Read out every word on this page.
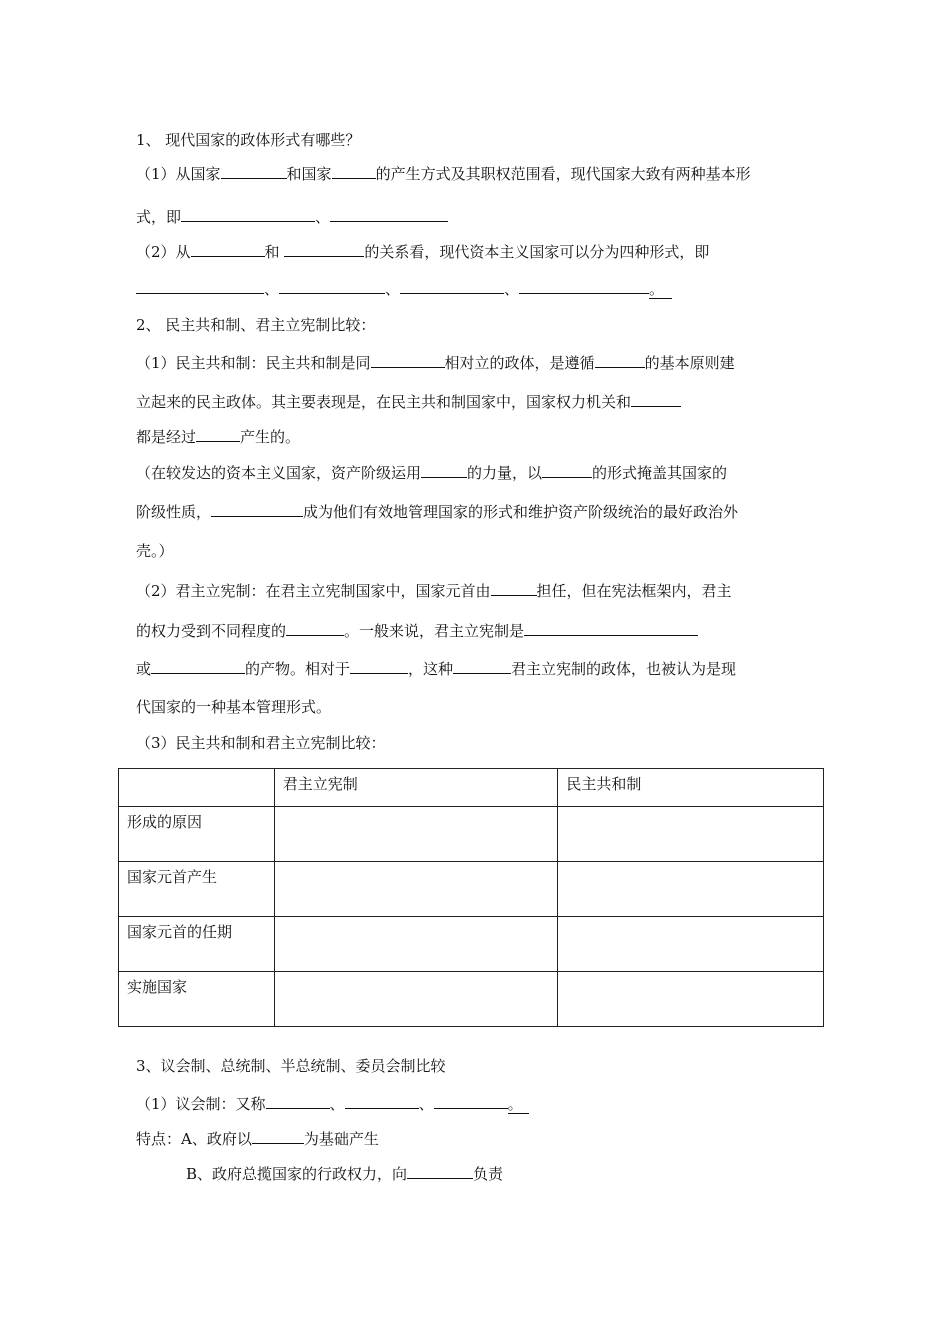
1、 现代国家的政体形式有哪些？
（1）从国家	和国家	的产生方式及其职权范围看，现代国家大致有两种基本形
式，即	、
（2）从	和	的关系看，现代资本主义国家可以分为四种形式，即
、	、	、	。
2、 民主共和制、君主立宪制比较：
（1）民主共和制：民主共和制是同	相对立的政体，是遵循	的基本原则建
立起来的民主政体。其主要表现是，在民主共和制国家中，国家权力机关和
都是经过	产生的。
（在较发达的资本主义国家，资产阶级运用	的力量，以	的形式掩盖其国家的
阶级性质，	成为他们有效地管理国家的形式和维护资产阶级统治的最好政治外
壳。）
（2）君主立宪制：在君主立宪制国家中，国家元首由	担任，但在宪法框架内，君主
的权力受到不同程度的	。一般来说，君主立宪制是
或	的产物。相对于	，这种	君主立宪制的政体，也被认为是现
代国家的一种基本管理形式。
（3）民主共和制和君主立宪制比较：
	君主立宪制	民主共和制
形成的原因		
国家元首产生		
国家元首的任期		
实施国家		
3、议会制、总统制、半总统制、委员会制比较
（1）议会制：又称	、	、	。
特点：A、政府以	为基础产生
B、政府总揽国家的行政权力，向	负责
